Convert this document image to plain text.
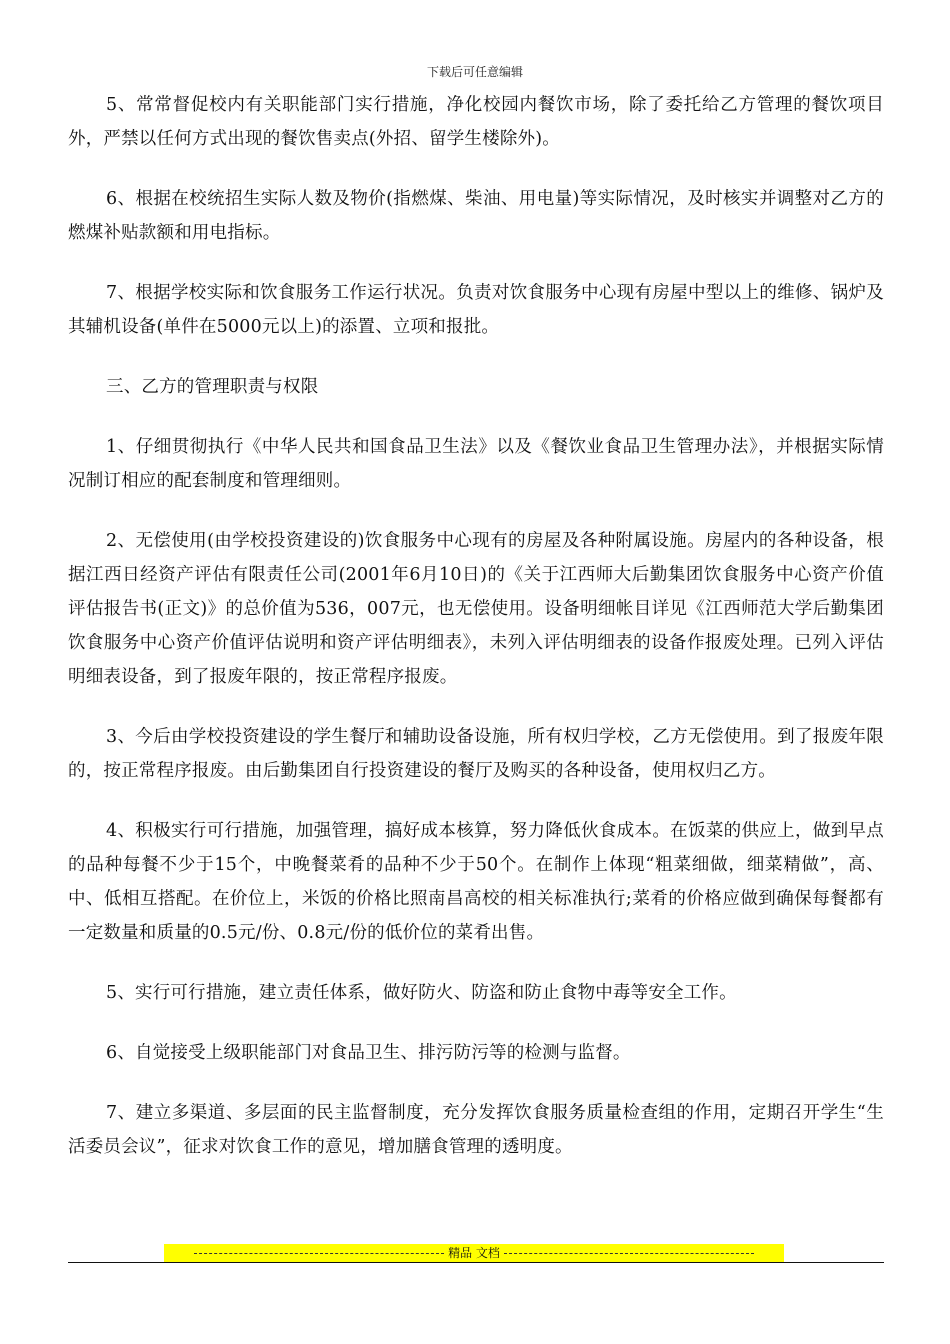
下载后可任意编辑

5、常常督促校内有关职能部门实行措施，净化校园内餐饮市场，除了委托给乙方管理的餐饮项目外，严禁以任何方式出现的餐饮售卖点(外招、留学生楼除外)。

6、根据在校统招生实际人数及物价(指燃煤、柴油、用电量)等实际情况，及时核实并调整对乙方的燃煤补贴款额和用电指标。

7、根据学校实际和饮食服务工作运行状况。负责对饮食服务中心现有房屋中型以上的维修、锅炉及其辅机设备(单件在5000元以上)的添置、立项和报批。

三、乙方的管理职责与权限

1、仔细贯彻执行《中华人民共和国食品卫生法》以及《餐饮业食品卫生管理办法》，并根据实际情况制订相应的配套制度和管理细则。

2、无偿使用(由学校投资建设的)饮食服务中心现有的房屋及各种附属设施。房屋内的各种设备，根据江西日经资产评估有限责任公司(2001年6月10日)的《关于江西师大后勤集团饮食服务中心资产价值评估报告书(正文)》的总价值为536，007元，也无偿使用。设备明细帐目详见《江西师范大学后勤集团饮食服务中心资产价值评估说明和资产评估明细表》，未列入评估明细表的设备作报废处理。已列入评估明细表设备，到了报废年限的，按正常程序报废。

3、今后由学校投资建设的学生餐厅和辅助设备设施，所有权归学校，乙方无偿使用。到了报废年限的，按正常程序报废。由后勤集团自行投资建设的餐厅及购买的各种设备，使用权归乙方。

4、积极实行可行措施，加强管理，搞好成本核算，努力降低伙食成本。在饭菜的供应上，做到早点的品种每餐不少于15个，中晚餐菜肴的品种不少于50个。在制作上体现“粗菜细做，细菜精做”，高、中、低相互搭配。在价位上，米饭的价格比照南昌高校的相关标准执行;菜肴的价格应做到确保每餐都有一定数量和质量的0.5元/份、0.8元/份的低价位的菜肴出售。

5、实行可行措施，建立责任体系，做好防火、防盗和防止食物中毒等安全工作。

6、自觉接受上级职能部门对食品卫生、排污防污等的检测与监督。

7、建立多渠道、多层面的民主监督制度，充分发挥饮食服务质量检查组的作用，定期召开学生“生活委员会议”，征求对饮食工作的意见，增加膳食管理的透明度。

精品 文档
